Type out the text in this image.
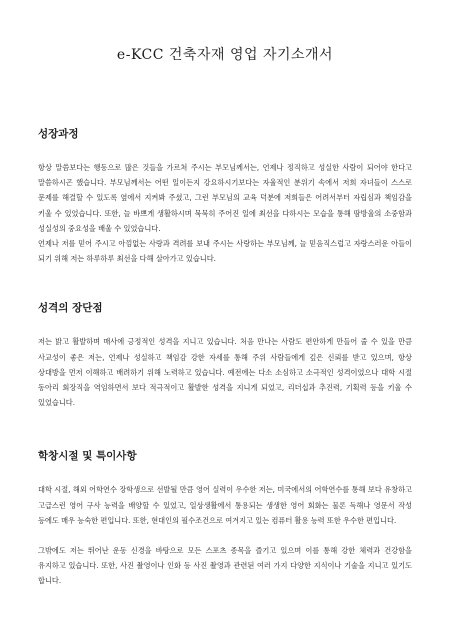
e-KCC 건축자재 영업 자기소개서
성장과정

항상 말씀보다는 행동으로 많은 것들을 가르쳐 주시는 부모님께서는, 언제나 정직하고 성실한 사람이 되어야 한다고 말씀하시곤 했습니다. 부모님께서는 어떤 일이든지 강요하시기보다는 자율적인 분위기 속에서 저희 자녀들이 스스로 문제를 해결할 수 있도록 옆에서 지켜봐 주셨고, 그런 부모님의 교육 덕분에 저희들은 어려서부터 자립심과 책임감을 키울 수 있었습니다. 또한, 늘 바쁘게 생활하시며 묵묵히 주어진 일에 최선을 다하시는 모습을 통해 땀방울의 소중함과 성실성의 중요성을 배울 수 있었습니다.
언제나 저를 믿어 주시고 아낌없는 사랑과 격려를 보내 주시는 사랑하는 부모님께, 늘 믿음직스럽고 자랑스러운 아들이 되기 위해 저는 하루하루 최선을 다해 살아가고 있습니다.

성격의 장단점

저는 밝고 활발하며 매사에 긍정적인 성격을 지니고 있습니다. 처음 만나는 사람도 편안하게 만들어 줄 수 있을 만큼 사교성이 좋은 저는, 언제나 성실하고 책임감 강한 자세를 통해 주위 사람들에게 깊은 신뢰를 받고 있으며, 항상 상대방을 먼저 이해하고 배려하기 위해 노력하고 있습니다. 예전에는 다소 소심하고 소극적인 성격이었으나 대학 시절 동아리 회장직을 역임하면서 보다 적극적이고 활발한 성격을 지니게 되었고, 리더십과 추진력, 기획력 등을 키울 수 있었습니다.

학창시절 및 특이사항

대학 시절, 해외 어학연수 장학생으로 선발될 만큼 영어 실력이 우수한 저는, 미국에서의 어학연수를 통해 보다 유창하고 고급스런 영어 구사 능력을 배양할 수 있었고, 일상생활에서 통용되는 생생한 영어 회화는 물론 독해나 영문서 작성 등에도 매우 능숙한 편입니다. 또한, 현대인의 필수조건으로 여겨지고 있는 컴퓨터 활용 능력 또한 우수한 편입니다.

그밖에도 저는 뛰어난 운동 신경을 바탕으로 모든 스포츠 종목을 즐기고 있으며 이를 통해 강한 체력과 건강함을 유지하고 있습니다. 또한, 사진 촬영이나 인화 등 사진 촬영과 관련된 여러 가지 다양한 지식이나 기술을 지니고 있기도 합니다.
